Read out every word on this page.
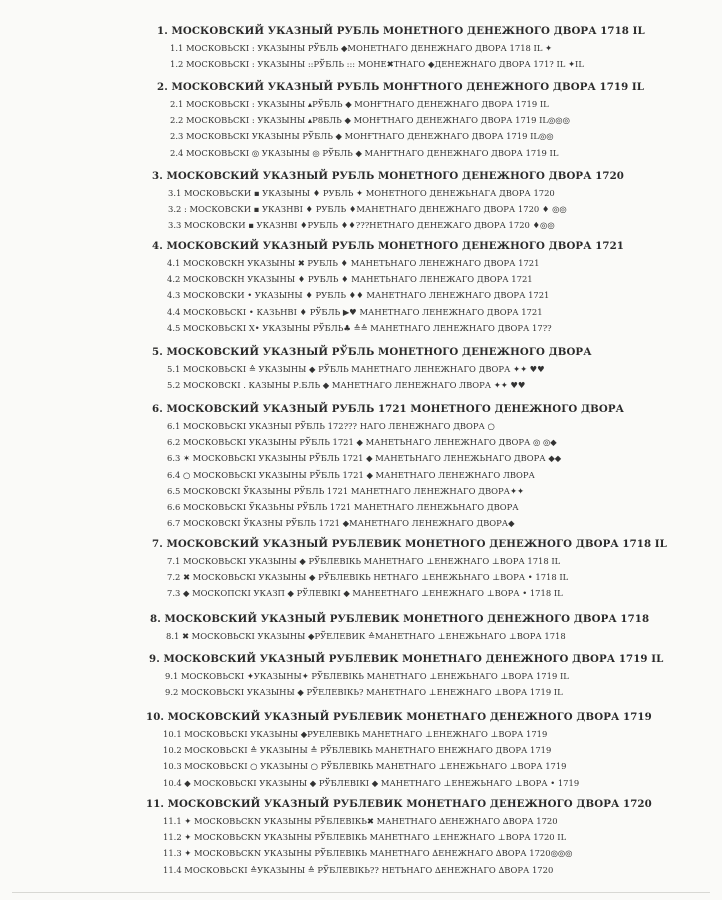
1. МОСКОВСКИЙ УКАЗНЫЙ РУБЛЬ МОНЕТНОГО ДЕНЕЖНОГО ДВОРА 1718 IL
1.1 МОСКОВЬСКI : УКАЗЫНЫ РЎБЛЬ ◆МОНЕТНАГО ДЕНЕЖНАГО ДВОРА 1718 IL ✦
1.2 МОСКОВЬСКI : УКАЗЫНЫ ::РЎБЛЬ ::: МОНЕ✖ТНАГО ◆ДЕНЕЖНАГО ДВОРА 171? IL ✦IL
2. МОСКОВСКИЙ УКАЗНЫЙ РУБЛЬ МОНҒТНОГО ДЕНЕЖНОГО ДВОРА 1719 IL
2.1 МОСКОВЬСКI : УКАЗЫНЫ ▴РЎБЛЬ ◆ МОНҒТНАГО ДЕНЕЖНАГО ДВОРА 1719 IL
2.2 МОСКОВЬСКI : УКАЗЫНЫ ▴Р8БЛЬ ◆ МОНҒТНАГО ДЕНЕЖНАГО ДВОРА 1719 IL◎◎◎
2.3 МОСКОВЬСКI УКАЗЫНЫ РЎБЛЬ ◆ МОНҒТНАГО ДЕНЕЖНАГО ДВОРА 1719 IL◎◎
2.4 МОСКОВЬСКI ◎ УКАЗЫНЫ ◎ РЎБЛЬ ◆ МАНҒТНАГО ДЕНЕЖНАГО ДВОРА 1719 IL
3. МОСКОВСКИЙ УКАЗНЫЙ РУБЛЬ МОНЕТНОГО ДЕНЕЖНОГО ДВОРА 1720
3.1 МОСКОВЬСКИ ▪ УКАЗЫНЫ ♦ РУБЛЬ ✦ МОНЕТНОГО ДЕНЕЖЬНАГА ДВОРА 1720
3.2 : МОСКОВСКИ ▪ УКАЗНВI ♦ РУБЛЬ ♦МАНЕТНАГО ДЕНЕЖНАГО ДВОРА 1720 ♦ ◎◎
3.3 МОСКОВСКИ ▪ УКАЗНВI ♦РУБЛЬ ♦♦???НЕТНАГО ДЕНЕЖАГО ДВОРА 1720 ♦◎◎
4. МОСКОВСКИЙ УКАЗНЫЙ РУБЛЬ МОНЕТНОГО ДЕНЕЖНОГО ДВОРА 1721
4.1 МОСКОВСКН УКАЗЫНЫ ✖ РУБЛЬ ♦ МАНЕТЬНАГО ЛЕНЕЖНАГО ДВОРА 1721
4.2 МОСКОВСКН УКАЗЫНЫ ♦ РУБЛЬ ♦ МАНЕТЬНАГО ЛЕНЕЖАГО ДВОРА 1721
4.3 МОСКОВСКИ • УКАЗЫНЫ ♦ РУБЛЬ ♦♦ МАНЕТНАГО ЛЕНЕЖНАГО ДВОРА 1721
4.4 МОСКОВЬСКI • КАЗЬНВI ♦ РЎБЛЬ ▶♥ МАНЕТНАГО ЛЕНЕЖНАГО ДВОРА 1721
4.5 МОСКОВЬСКI X• УКАЗЫНЫ РЎБЛЬ♣ ≙≙ МАНЕТНАГО ЛЕНЕЖНАГО ДВОРА 17??
5. МОСКОВСКИЙ УКАЗНЫЙ РЎБЛЬ МОНЕТНОГО ДЕНЕЖНОГО ДВОРА
5.1 МОСКОВЬСКI ≙ УКАЗЫНЫ ◆ РЎБЛЬ МАНЕТНАГО ЛЕНЕЖНАГО ДВОРА ✦✦ ♥♥
5.2 МОСКОВСКI . КАЗЫНЫ Р.БЛЬ ◆ МАНЕТНАГО ЛЕНЕЖНАГО ЛВОРА ✦✦ ♥♥
6. МОСКОВСКИЙ УКАЗНЫЙ РУБЛЬ 1721 МОНЕТНОГО ДЕНЕЖНОГО ДВОРА
6.1 МОСКОВЬСКI УКАЗНЫI РЎБЛЬ 172??? НАГО ЛЕНЕЖНАГО ДВОРА ○
6.2 МОСКОВЬСКI УКАЗЫНЫ РЎБЛЬ 1721 ◆ МАНЕТЬНАГО ЛЕНЕЖНАГО ДВОРА ◎ ◎◆
6.3 ✶ МОСКОВЬСКI УКАЗЫНЫ РЎБЛЬ 1721 ◆ МАНЕТЬНАГО ЛЕНЕЖЬНАГО ДВОРА ◆◆
6.4 ○ МОСКОВЬСКI УКАЗЫНЫ РЎБЛЬ 1721 ◆ МАНЕТНАГО ЛЕНЕЖНАГО ЛВОРА
6.5 МОСКОВСКI ЎКАЗЫНЫ РЎБЛЬ 1721 МАНЕТНАГО ЛЕНЕЖНАГО ДВОРА✦✦
6.6 МОСКОВЬСКI ЎКАЗЬНЫ РЎБЛЬ 1721 МАНЕТНАГО ЛЕНЕЖЬНАГО ДВОРА
6.7 МОСКОВСКI ЎКАЗНЫ РЎБЛЬ 1721 ◆МАНЕТНАГО ЛЕНЕЖНАГО ДВОРА◆
7. МОСКОВСКИЙ УКАЗНЫЙ РУБЛЕВИК МОНЕТНОГО ДЕНЕЖНОГО ДВОРА 1718 IL
7.1 МОСКОВЬСКI УКАЗЫНЫ ◆ РЎБЛЕВIКЬ МАНЕТНАГО ⊥ЕНЕЖНАГО ⊥ВОРА 1718 IL
7.2 ✖ МОСКОВЬСКI УКАЗЫНЫ ◆ РЎБЛЕВIКЬ НЕТНАГО ⊥ЕНЕЖЬНАГО ⊥ВОРА • 1718 IL
7.3 ◆ МОСКОПСКI УКАЗП ◆ РЎЛЕВIКI ◆ МАНЕЕТНАГО ⊥ЕНЕЖНАГО ⊥ВОРА • 1718 IL
8. МОСКОВСКИЙ УКАЗНЫЙ РУБЛЕВИК МОНЕТНОГО ДЕНЕЖНОГО ДВОРА 1718
8.1 ✖ МОСКОВЬСКI УКАЗЫНЫ ◆РЎЕЛЕВИК ≙МАНЕТНАГО ⊥ЕНЕЖЬНАГО ⊥ВОРА 1718
9. МОСКОВСКИЙ УКАЗНЫЙ РУБЛЕВИК МОНЕТНАГО ДЕНЕЖНОГО ДВОРА 1719 IL
9.1 МОСКОВЬСКI ✦УКАЗЫНЫ✦ РЎБЛЕВIКЬ МАНЕТНАГО ⊥ЕНЕЖЬНАГО ⊥ВОРА 1719 IL
9.2 МОСКОВЬСКI УКАЗЫНЫ ◆ РЎЕЛЕВIКЬ? МАНЕТНАГО ⊥ЕНЕЖНАГО ⊥ВОРА 1719 IL
10. МОСКОВСКИЙ УКАЗНЫЙ РУБЛЕВИК МОНЕТНАГО ДЕНЕЖНОГО ДВОРА 1719
10.1 МОСКОВЬСКI УКАЗЫНЫ ◆РУЕЛЕВIКЬ МАНЕТНАГО ⊥ЕНЕЖНАГО ⊥ВОРА 1719
10.2 МОСКОВЬСКI ≙ УКАЗЫНЫ ≙ РЎБЛЕВIКЬ МАНЕТНАГО ЕНЕЖНАГО ДВОРА 1719
10.3 МОСКОВЬСКI ○ УКАЗЫНЫ ○ РЎБЛЕВIКЬ МАНЕТНАГО ⊥ЕНЕЖЬНАГО ⊥ВОРА 1719
10.4 ◆ МОСКОВЬСКI УКАЗЫНЫ ◆ РЎБЛЕВIКI ◆ МАНЕТНАГО ⊥ЕНЕЖЬНАГО ⊥ВОРА • 1719
11. МОСКОВСКИЙ УКАЗНЫЙ РУБЛЕВИК МОНЕТНАГО ДЕНЕЖНОГО ДВОРА 1720
11.1 ✦ МОСКОВЬСКN УКАЗЫНЫ РЎБЛЕВIКЬ✖ МАНЕТНАГО ∆ЕНЕЖНАГО ∆ВОРА 1720
11.2 ✦ МОСКОВЬСКN УКАЗЫНЫ РЎБЛЕВIКЬ МАНЕТНАГО ⊥ЕНЕЖНАГО ⊥ВОРА 1720 IL
11.3 ✦ МОСКОВЬСКN УКАЗЫНЫ РЎБЛЕВIКЬ МАНЕТНАГО ∆ЕНЕЖНАГО ∆ВОРА 1720◎◎◎
11.4 МОСКОВЬСКI ≙УКАЗЫНЫ ≙ РЎБЛЕВIКЬ?? НЕТЬНАГО ∆ЕНЕЖНАГО ∆ВОРА 1720
